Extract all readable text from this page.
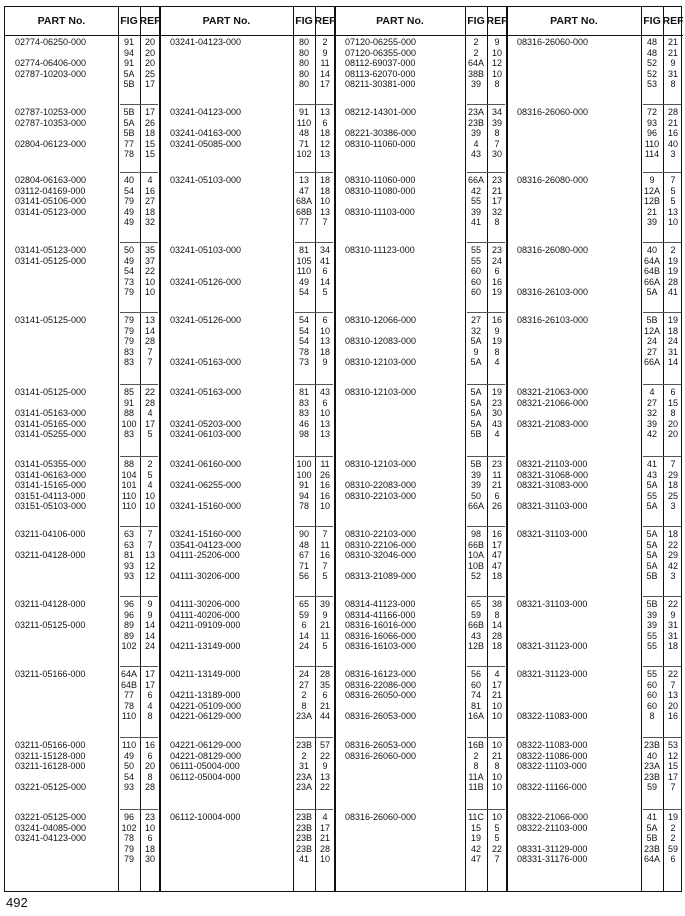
PART No.	FIG REF	PART No.	FIG REF	PART No.	FIG REF	PART No.	FIG REF
02774-06250-000	91	20
94	20
02774-06406-000	91	20
02787-10203-000	5A	25
5B	17
03241-04123-000	80	2
80	9
80	11
80	14
80	17
07120-06255-000	2	9
07120-06355-000	2	10
08112-69037-000	64A 12
08113-62070-000	38B 10
08211-30381-000	39	8
08316-26060-000	48	21
48	21
52	9
52	31
53	8
02787-10253-000	5B	17
02787-10353-000	5A	26
5B	18
02804-06123-000	77	15
78	15
03241-04123-000	91	13
110	6
03241-04163-000	48	18
03241-05085-000	71	12
102 13
08212-14301-000	23A 34
23B 39
08221-30386-000	39	8
08310-11060-000	4	7
43	30
08316-26060-000	72	28
93	21
96	16
110 40
114	3
02804-06163-000	40	4
03112-04169-000	54	16
03141-05106-000	79	27
03141-05123-000	49	18
49	32
03241-05103-000	13	18
47	18
68A 10
68B 13
77	7
08310-11060-000	66A 23
08310-11080-000	42	21
55	17
08310-11103-000	39	32
41	8
08316-26080-000	9	7
12A	5
12B	5
21	13
39	10
03141-05123-000	50	35
03141-05125-000	49	37
54	22
73	10
79	10
03241-05103-000	81	34
105 41
110	6
03241-05126-000	49	14
54	5
08310-11123-000	55	23
55	24
60	6
60	16
60	19
08316-26080-000	40	2
64A 19
64B 19
66A 28
08316-26103-000	5A	41
03141-05125-000	79	13
79	14
79	28
83	7
83	7
03241-05126-000	54	6
54	10
54	13
78	18
03241-05163-000	73	9
08310-12066-000	27	16
32	9
08310-12083-000	5A	19
9	8
08310-12103-000	5A	4
08316-26103-000	5B	19
12A 18
24	24
27	31
66A 14
03141-05125-000	85	22
91	28
03141-05163-000	88	4
03141-05165-000	100 17
03141-05255-000	83	5
03241-05163-000	81	43
83	6
83	10
03241-05203-000	46	13
03241-06103-000	98	13
08310-12103-000	5A	19
5A	23
5A	30
5A	43
5B	4
08321-21063-000	4	6
08321-21066-000	27	15
32	8
08321-21083-000	39	20
42	20
03141-05355-000	88	2
03141-06163-000	104	5
03141-15165-000	101	4
03151-04113-000	110 10
03151-05103-000	110 10
03241-06160-000	100 11
100 26
03241-06255-000	91	16
94	16
03241-15160-000	78	10
08310-12103-000	5B	23
39	11
08310-22083-000	39	21
08310-22103-000	50	6
66A 26
08321-21103-000	41	7
08321-31068-000	43	29
08321-31083-000	5A	18
55	25
08321-31103-000	5A	3
03211-04106-000	63	7
63	7
03211-04128-000	81	13
93	12
93	12
03241-15160-000	90	7
03541-04123-000	48	11
04111-25206-000	67	16
71	7
04111-30206-000	56	5
08310-22103-000	98	16
08310-22106-000	66B 17
08310-32046-000	10A 47
10B 47
08313-21089-000	52	18
08321-31103-000	5A	18
5A	22
5A	29
5A	42
5B	3
03211-04128-000	96	9
96	9
03211-05125-000	89	14
89	14
102 24
04111-30206-000	65	39
04111-40206-000	59	9
04211-09109-000	6	21
14	11
04211-13149-000	24	5
08314-41123-000	65	38
08314-41166-000	59	8
08316-16016-000	66B 14
08316-16066-000	43	28
08316-16103-000	12B 18
08321-31103-000	5B	22
39	9
39	31
55	31
08321-31123-000	55	18
03211-05166-000	64A 17
64B 17
77	6
78	4
110	8
04211-13149-000	24	28
27	35
04211-13189-000	2	6
04221-05109-000	8	21
04221-06129-000	23A 44
08316-16123-000	56	4
08316-22086-000	60	17
08316-26050-000	74	21
81	10
08316-26053-000	16A 10
08321-31123-000	55	22
60	7
60	13
60	20
08322-11083-000	8	16
03211-05166-000	110 16
03211-15128-000	49	6
03211-16128-000	50	20
54	8
03221-05125-000	93	28
04221-06129-000	23B 57
04221-08129-000	2	22
06111-05004-000	31	9
06112-05004-000	23A 13
23A 22
08316-26053-000	16B 10
08316-26060-000	2	21
8	8
11A 10
11B 10
08322-11083-000	23B 53
08322-11086-000	40	12
08322-11103-000	23A 15
23B 17
08322-11166-000	59	7
03221-05125-000	96	23
03241-04085-000	102 10
03241-04123-000	78	6
79	18
79	30
06112-10004-000	23B	4
23B 17
23B 21
23B 28
41	10
08316-26060-000	11C 10
15	5
19	5
42	22
47	7
08322-21066-000	41	19
08322-21103-000	5A	2
5B	2
08331-31129-000	23B 59
08331-31176-000	64A	6
492
